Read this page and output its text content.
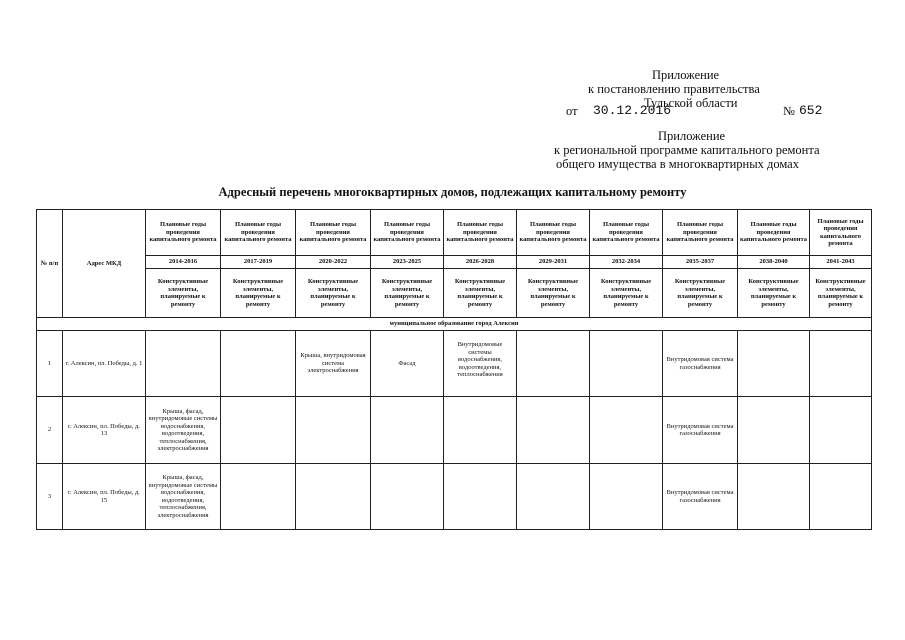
Приложение
к постановлению правительства
Тульской области
от 30.12.2016	№ 652
Приложение
к региональной программе капитального ремонта
общего имущества в многоквартирных домах
Адресный перечень многоквартирных домов, подлежащих капитальному ремонту
№ п/п	Адрес МКД	Плановые годы проведения капитального ремонта	Плановые годы проведения капитального ремонта	Плановые годы проведения капитального ремонта	Плановые годы проведения капитального ремонта	Плановые годы проведения капитального ремонта	Плановые годы проведения капитального ремонта	Плановые годы проведения капитального ремонта	Плановые годы проведения капитального ремонта	Плановые годы проведения капитального ремонта	Плановые годы проведения капитального ремонта
		2014-2016	2017-2019	2020-2022	2023-2025	2026-2028	2029-2031	2032-2034	2035-2037	2038-2040	2041-2043
		Конструктивные элементы, планируемые к ремонту	Конструктивные элементы, планируемые к ремонту	Конструктивные элементы, планируемые к ремонту	Конструктивные элементы, планируемые к ремонту	Конструктивные элементы, планируемые к ремонту	Конструктивные элементы, планируемые к ремонту	Конструктивные элементы, планируемые к ремонту	Конструктивные элементы, планируемые к ремонту	Конструктивные элементы, планируемые к ремонту	Конструктивные элементы, планируемые к ремонту
муниципальное образование город Алексин											
1	г. Алексин, пл. Победы, д. 1			Крыша, внутридомовая система электроснабжения	Фасад	Внутридомовые системы водоснабжения, водоотведения, теплоснабжения			Внутридомовая система газоснабжения		
2	г. Алексин, пл. Победы, д. 13	Крыша, фасад, внутридомовые системы водоснабжения, водоотведения, теплоснабжения, электроснабжения							Внутридомовая система газоснабжения		
3	г. Алексин, пл. Победы, д. 15	Крыша, фасад, внутридомовые системы водоснабжения, водоотведения, теплоснабжения, электроснабжения							Внутридомовая система газоснабжения		
